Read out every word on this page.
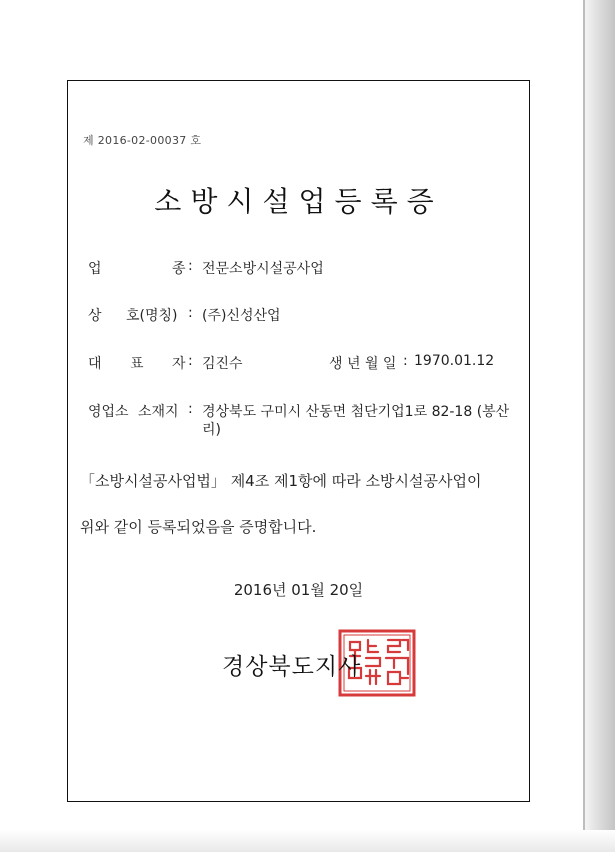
제 2016-02-00037 호
소방시설업등록증
업	종 : 전문소방시설공사업
상 호(명칭) : (주)신성산업
대 표 자 : 김진수	생 년 월 일 : 1970.01.12
영업소 소재지 : 경상북도 구미시 산동면 첨단기업1로 82-18 (봉산
리)
「소방시설공사업법」 제4조 제1항에 따라 소방시설공사업이
위와 같이 등록되었음을 증명합니다.
2016년 01월 20일
경상북도지사
